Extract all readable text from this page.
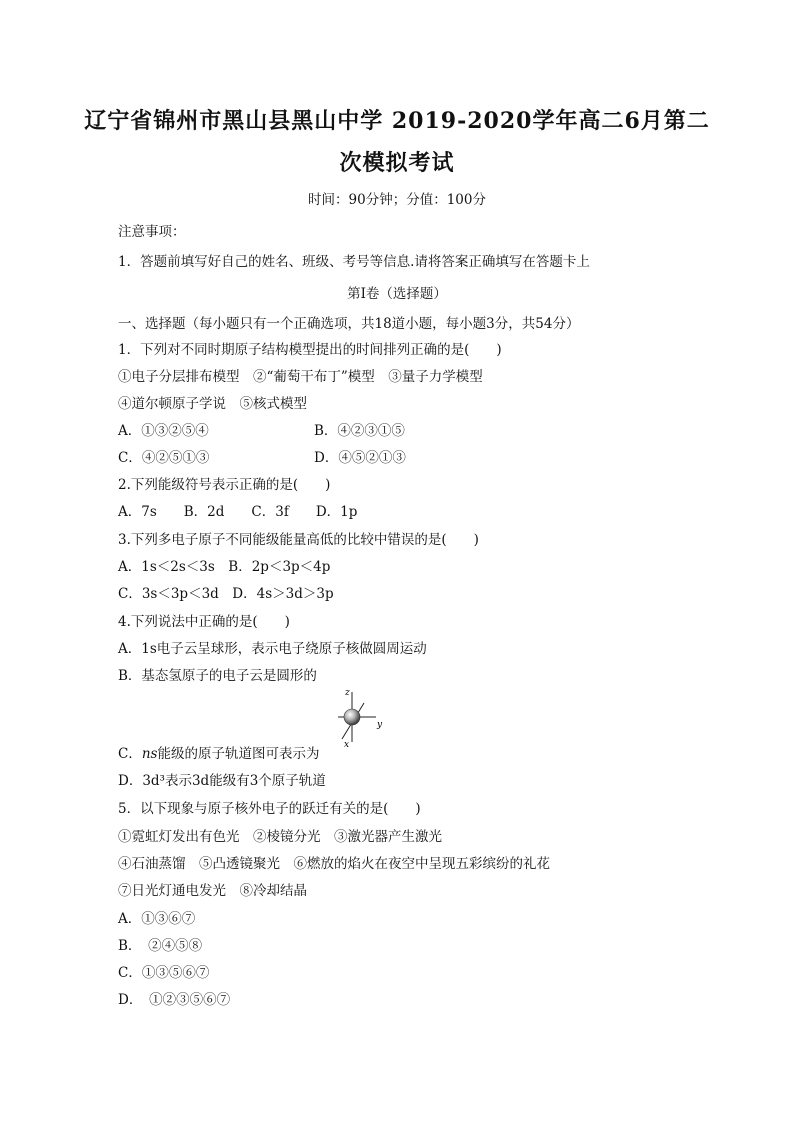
辽宁省锦州市黑山县黑山中学 2019-2020学年高二6月第二
次模拟考试
时间：90分钟；分值：100分
注意事项：
1．答题前填写好自己的姓名、班级、考号等信息.请将答案正确填写在答题卡上
第I卷（选择题）
一、选择题（每小题只有一个正确选项，共18道小题，每小题3分，共54分）
1．下列对不同时期原子结构模型提出的时间排列正确的是(　　)
①电子分层排布模型　②“葡萄干布丁”模型　③量子力学模型
④道尔顿原子学说　⑤核式模型
A．①③②⑤④	B．④②③①⑤
C．④②⑤①③	D．④⑤②①③
2.下列能级符号表示正确的是(　　)
A．7s　　B．2d　　C．3f　　D．1p
3.下列多电子原子不同能级能量高低的比较中错误的是(　　)
A．1s＜2s＜3s　B．2p＜3p＜4p
C．3s＜3p＜3d　D．4s＞3d＞3p
4.下列说法中正确的是(　　)
A．1s电子云呈球形，表示电子绕原子核做圆周运动
B．基态氢原子的电子云是圆形的
z
y
x
C．ns能级的原子轨道图可表示为
D．3d³表示3d能级有3个原子轨道
5．以下现象与原子核外电子的跃迁有关的是(　　)
①霓虹灯发出有色光　②棱镜分光　③激光器产生激光
④石油蒸馏　⑤凸透镜聚光　⑥燃放的焰火在夜空中呈现五彩缤纷的礼花
⑦日光灯通电发光　⑧冷却结晶
A．①③⑥⑦
B．　②④⑤⑧
C．①③⑤⑥⑦
D．　①②③⑤⑥⑦
